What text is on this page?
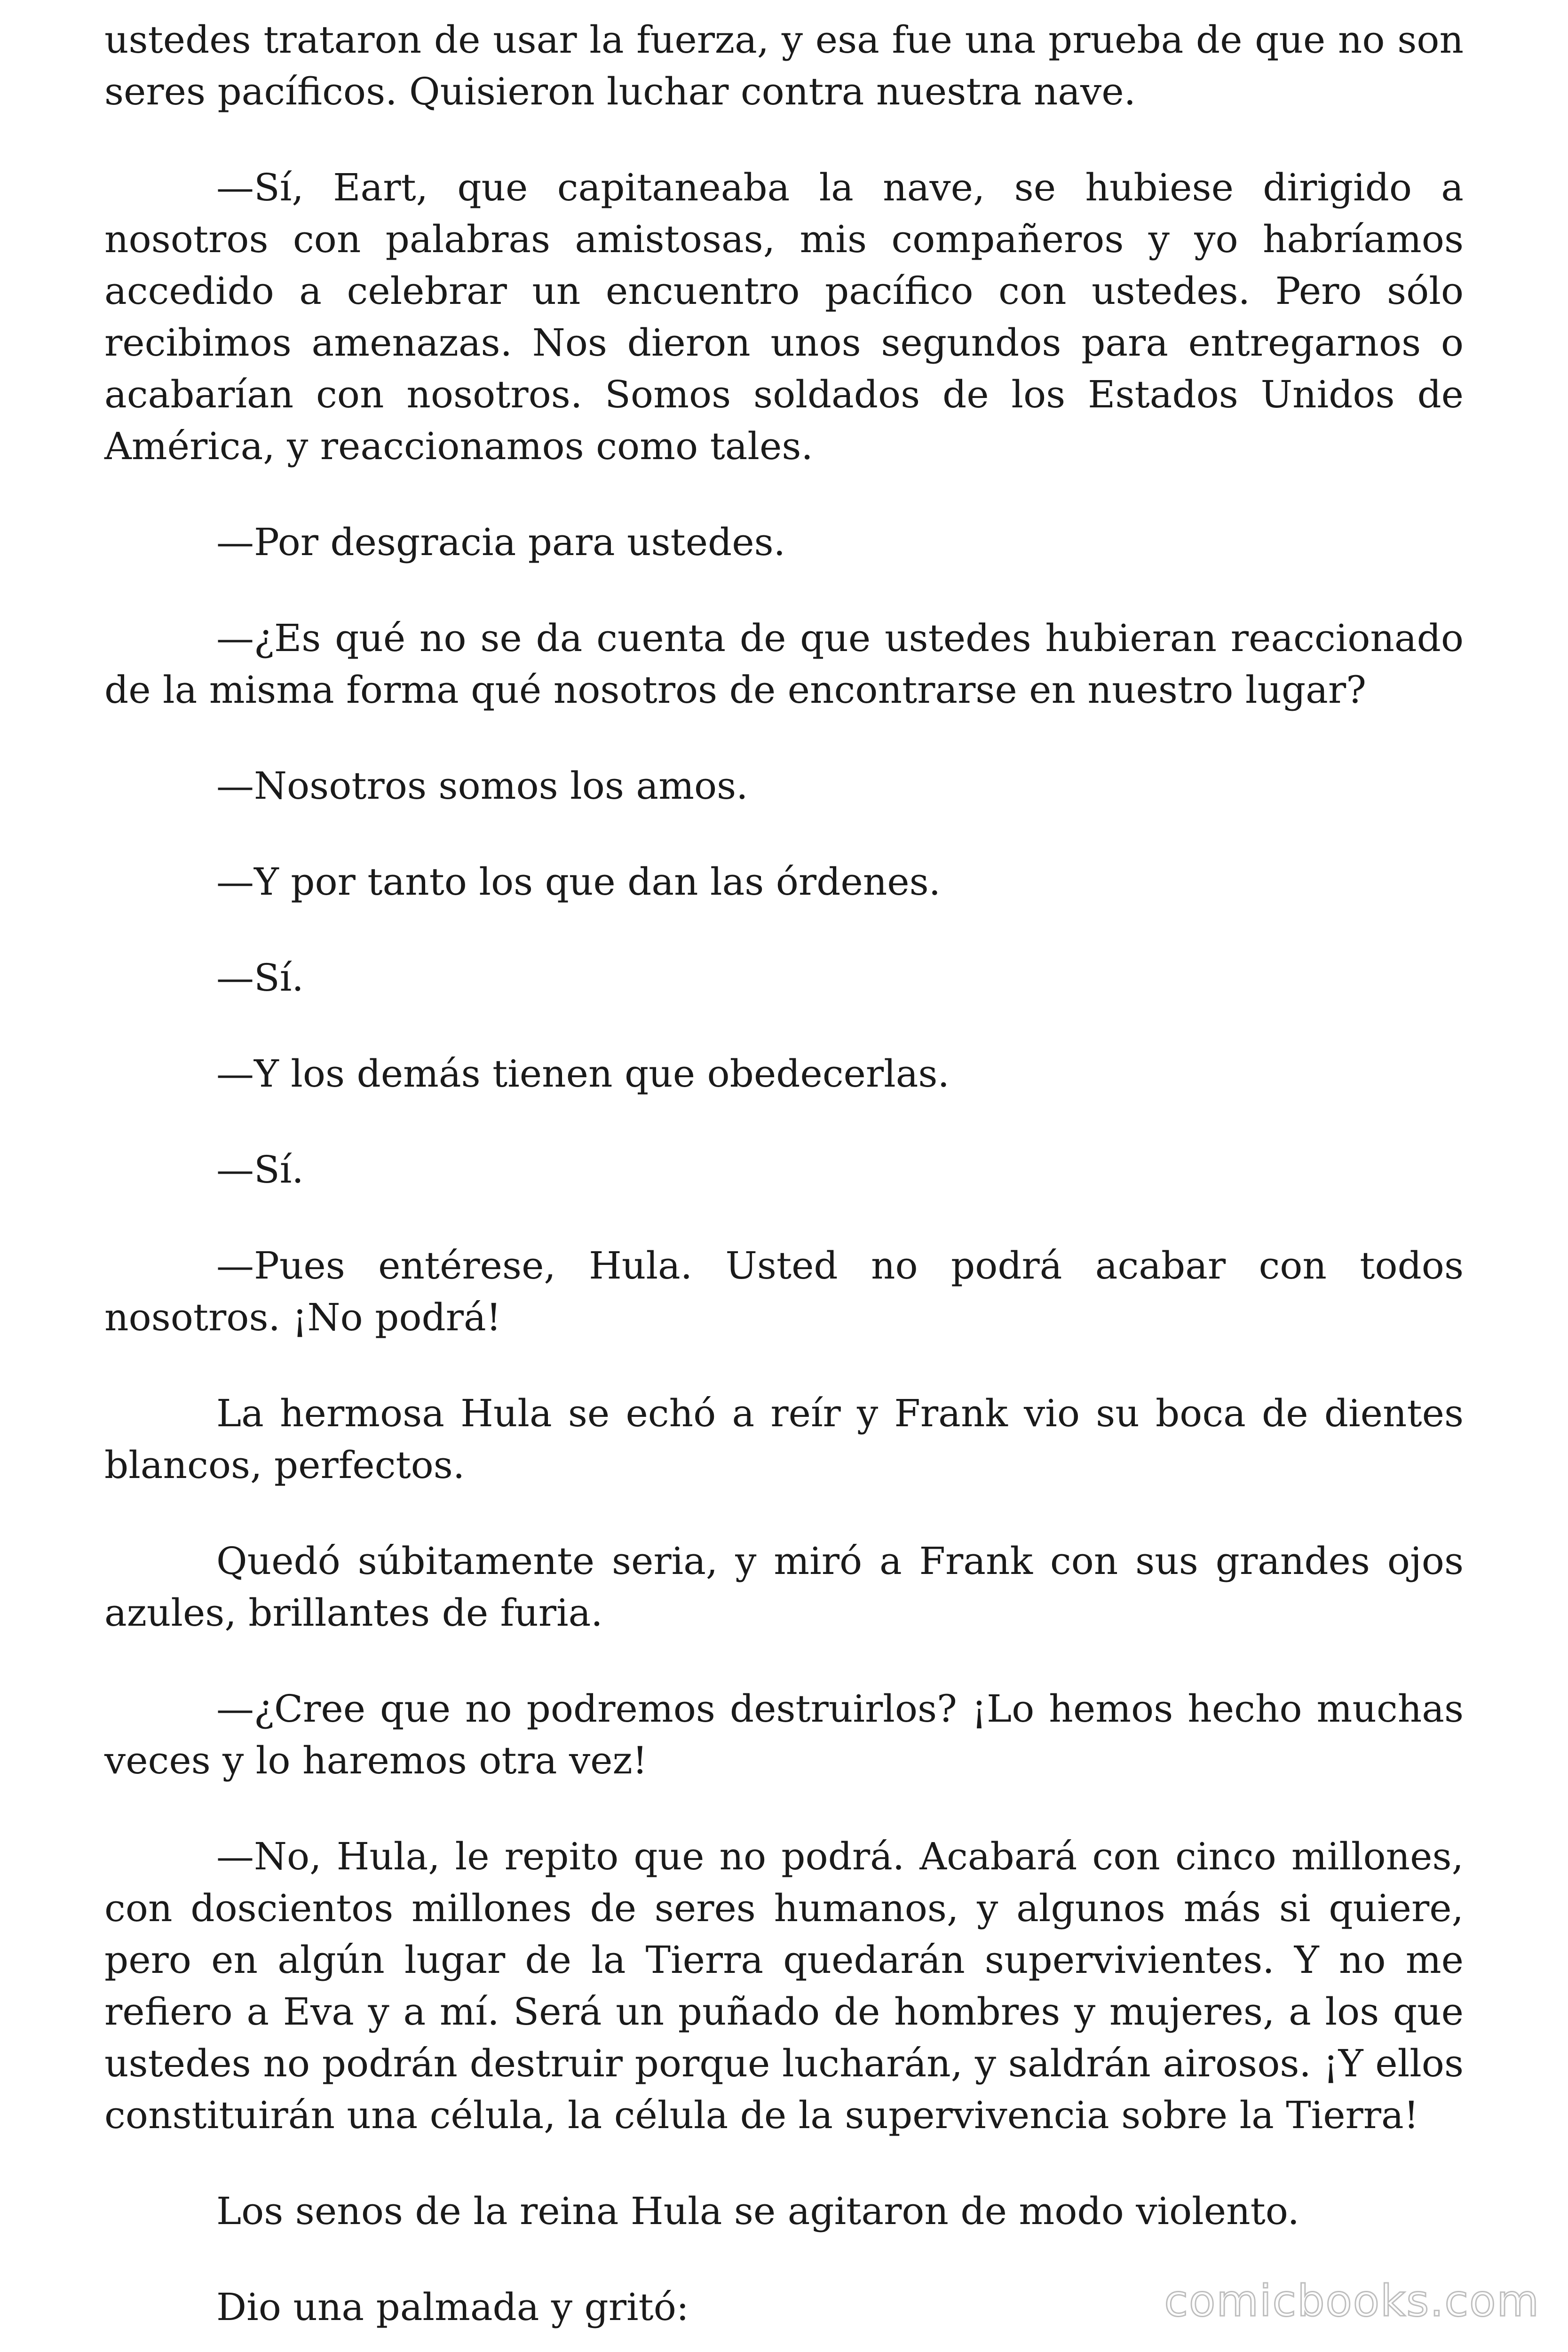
ustedes trataron de usar la fuerza, y esa fue una prueba de que no son seres pacíficos. Quisieron luchar contra nuestra nave.

—Sí, Eart, que capitaneaba la nave, se hubiese dirigido a nosotros con palabras amistosas, mis compañeros y yo habríamos accedido a celebrar un encuentro pacífico con ustedes. Pero sólo recibimos amenazas. Nos dieron unos segundos para entregarnos o acabarían con nosotros. Somos soldados de los Estados Unidos de América, y reaccionamos como tales.

—Por desgracia para ustedes.

—¿Es qué no se da cuenta de que ustedes hubieran reaccionado de la misma forma qué nosotros de encontrarse en nuestro lugar?

—Nosotros somos los amos.

—Y por tanto los que dan las órdenes.

—Sí.

—Y los demás tienen que obedecerlas.

—Sí.

—Pues entérese, Hula. Usted no podrá acabar con todos nosotros. ¡No podrá!

La hermosa Hula se echó a reír y Frank vio su boca de dientes blancos, perfectos.

Quedó súbitamente seria, y miró a Frank con sus grandes ojos azules, brillantes de furia.

—¿Cree que no podremos destruirlos? ¡Lo hemos hecho muchas veces y lo haremos otra vez!

—No, Hula, le repito que no podrá. Acabará con cinco millones, con doscientos millones de seres humanos, y algunos más si quiere, pero en algún lugar de la Tierra quedarán supervivientes. Y no me refiero a Eva y a mí. Será un puñado de hombres y mujeres, a los que ustedes no podrán destruir porque lucharán, y saldrán airosos. ¡Y ellos constituirán una célula, la célula de la supervivencia sobre la Tierra!

Los senos de la reina Hula se agitaron de modo violento.

Dio una palmada y gritó:	comicbooks.com
